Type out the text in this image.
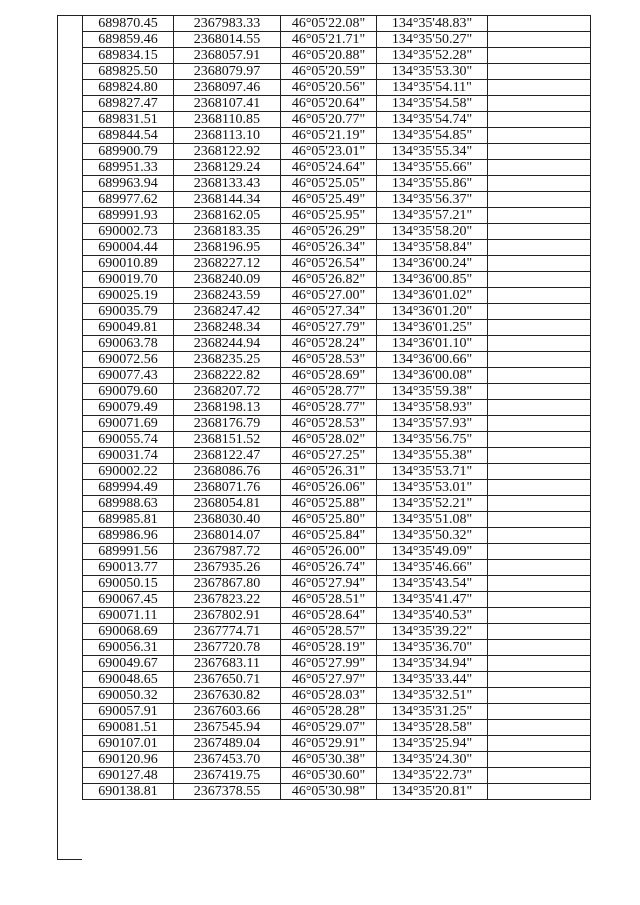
689870.45	2367983.33	46°05'22.08"	134°35'48.83"	
689859.46	2368014.55	46°05'21.71"	134°35'50.27"	
689834.15	2368057.91	46°05'20.88"	134°35'52.28"	
689825.50	2368079.97	46°05'20.59"	134°35'53.30"	
689824.80	2368097.46	46°05'20.56"	134°35'54.11"	
689827.47	2368107.41	46°05'20.64"	134°35'54.58"	
689831.51	2368110.85	46°05'20.77"	134°35'54.74"	
689844.54	2368113.10	46°05'21.19"	134°35'54.85"	
689900.79	2368122.92	46°05'23.01"	134°35'55.34"	
689951.33	2368129.24	46°05'24.64"	134°35'55.66"	
689963.94	2368133.43	46°05'25.05"	134°35'55.86"	
689977.62	2368144.34	46°05'25.49"	134°35'56.37"	
689991.93	2368162.05	46°05'25.95"	134°35'57.21"	
690002.73	2368183.35	46°05'26.29"	134°35'58.20"	
690004.44	2368196.95	46°05'26.34"	134°35'58.84"	
690010.89	2368227.12	46°05'26.54"	134°36'00.24"	
690019.70	2368240.09	46°05'26.82"	134°36'00.85"	
690025.19	2368243.59	46°05'27.00"	134°36'01.02"	
690035.79	2368247.42	46°05'27.34"	134°36'01.20"	
690049.81	2368248.34	46°05'27.79"	134°36'01.25"	
690063.78	2368244.94	46°05'28.24"	134°36'01.10"	
690072.56	2368235.25	46°05'28.53"	134°36'00.66"	
690077.43	2368222.82	46°05'28.69"	134°36'00.08"	
690079.60	2368207.72	46°05'28.77"	134°35'59.38"	
690079.49	2368198.13	46°05'28.77"	134°35'58.93"	
690071.69	2368176.79	46°05'28.53"	134°35'57.93"	
690055.74	2368151.52	46°05'28.02"	134°35'56.75"	
690031.74	2368122.47	46°05'27.25"	134°35'55.38"	
690002.22	2368086.76	46°05'26.31"	134°35'53.71"	
689994.49	2368071.76	46°05'26.06"	134°35'53.01"	
689988.63	2368054.81	46°05'25.88"	134°35'52.21"	
689985.81	2368030.40	46°05'25.80"	134°35'51.08"	
689986.96	2368014.07	46°05'25.84"	134°35'50.32"	
689991.56	2367987.72	46°05'26.00"	134°35'49.09"	
690013.77	2367935.26	46°05'26.74"	134°35'46.66"	
690050.15	2367867.80	46°05'27.94"	134°35'43.54"	
690067.45	2367823.22	46°05'28.51"	134°35'41.47"	
690071.11	2367802.91	46°05'28.64"	134°35'40.53"	
690068.69	2367774.71	46°05'28.57"	134°35'39.22"	
690056.31	2367720.78	46°05'28.19"	134°35'36.70"	
690049.67	2367683.11	46°05'27.99"	134°35'34.94"	
690048.65	2367650.71	46°05'27.97"	134°35'33.44"	
690050.32	2367630.82	46°05'28.03"	134°35'32.51"	
690057.91	2367603.66	46°05'28.28"	134°35'31.25"	
690081.51	2367545.94	46°05'29.07"	134°35'28.58"	
690107.01	2367489.04	46°05'29.91"	134°35'25.94"	
690120.96	2367453.70	46°05'30.38"	134°35'24.30"	
690127.48	2367419.75	46°05'30.60"	134°35'22.73"	
690138.81	2367378.55	46°05'30.98"	134°35'20.81"	
